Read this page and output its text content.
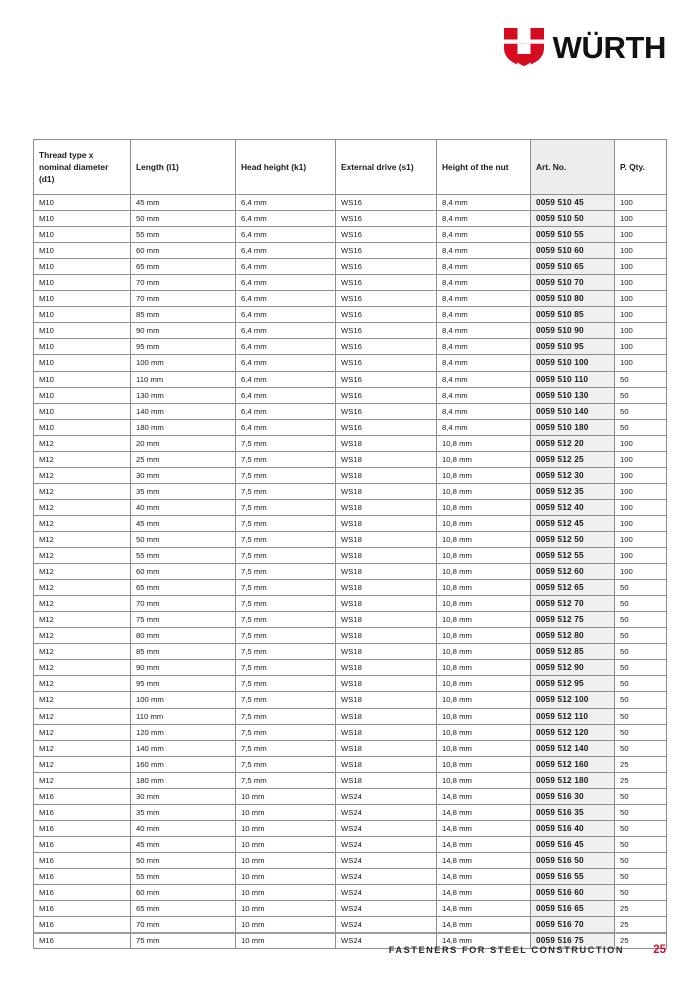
WÜRTH
Thread type x nominal diameter (d1)	Length (l1)	Head height (k1)	External drive (s1)	Height of the nut	Art. No.	P. Qty.
M10	45 mm	6,4 mm	WS16	8,4 mm	0059 510 45	100
M10	50 mm	6,4 mm	WS16	8,4 mm	0059 510 50	100
M10	55 mm	6,4 mm	WS16	8,4 mm	0059 510 55	100
M10	60 mm	6,4 mm	WS16	8,4 mm	0059 510 60	100
M10	65 mm	6,4 mm	WS16	8,4 mm	0059 510 65	100
M10	70 mm	6,4 mm	WS16	8,4 mm	0059 510 70	100
M10	70 mm	6,4 mm	WS16	8,4 mm	0059 510 80	100
M10	85 mm	6,4 mm	WS16	8,4 mm	0059 510 85	100
M10	90 mm	6,4 mm	WS16	8,4 mm	0059 510 90	100
M10	95 mm	6,4 mm	WS16	8,4 mm	0059 510 95	100
M10	100 mm	6,4 mm	WS16	8,4 mm	0059 510 100	100
M10	110 mm	6,4 mm	WS16	8,4 mm	0059 510 110	50
M10	130 mm	6,4 mm	WS16	8,4 mm	0059 510 130	50
M10	140 mm	6,4 mm	WS16	8,4 mm	0059 510 140	50
M10	180 mm	6,4 mm	WS16	8,4 mm	0059 510 180	50
M12	20 mm	7,5 mm	WS18	10,8 mm	0059 512 20	100
M12	25 mm	7,5 mm	WS18	10,8 mm	0059 512 25	100
M12	30 mm	7,5 mm	WS18	10,8 mm	0059 512 30	100
M12	35 mm	7,5 mm	WS18	10,8 mm	0059 512 35	100
M12	40 mm	7,5 mm	WS18	10,8 mm	0059 512 40	100
M12	45 mm	7,5 mm	WS18	10,8 mm	0059 512 45	100
M12	50 mm	7,5 mm	WS18	10,8 mm	0059 512 50	100
M12	55 mm	7,5 mm	WS18	10,8 mm	0059 512 55	100
M12	60 mm	7,5 mm	WS18	10,8 mm	0059 512 60	100
M12	65 mm	7,5 mm	WS18	10,8 mm	0059 512 65	50
M12	70 mm	7,5 mm	WS18	10,8 mm	0059 512 70	50
M12	75 mm	7,5 mm	WS18	10,8 mm	0059 512 75	50
M12	80 mm	7,5 mm	WS18	10,8 mm	0059 512 80	50
M12	85 mm	7,5 mm	WS18	10,8 mm	0059 512 85	50
M12	90 mm	7,5 mm	WS18	10,8 mm	0059 512 90	50
M12	95 mm	7,5 mm	WS18	10,8 mm	0059 512 95	50
M12	100 mm	7,5 mm	WS18	10,8 mm	0059 512 100	50
M12	110 mm	7,5 mm	WS18	10,8 mm	0059 512 110	50
M12	120 mm	7,5 mm	WS18	10,8 mm	0059 512 120	50
M12	140 mm	7,5 mm	WS18	10,8 mm	0059 512 140	50
M12	160 mm	7,5 mm	WS18	10,8 mm	0059 512 160	25
M12	180 mm	7,5 mm	WS18	10,8 mm	0059 512 180	25
M16	30 mm	10 mm	WS24	14,8 mm	0059 516 30	50
M16	35 mm	10 mm	WS24	14,8 mm	0059 516 35	50
M16	40 mm	10 mm	WS24	14,8 mm	0059 516 40	50
M16	45 mm	10 mm	WS24	14,8 mm	0059 516 45	50
M16	50 mm	10 mm	WS24	14,8 mm	0059 516 50	50
M16	55 mm	10 mm	WS24	14,8 mm	0059 516 55	50
M16	60 mm	10 mm	WS24	14,8 mm	0059 516 60	50
M16	65 mm	10 mm	WS24	14,8 mm	0059 516 65	25
M16	70 mm	10 mm	WS24	14,8 mm	0059 516 70	25
M16	75 mm	10 mm	WS24	14,8 mm	0059 516 75	25
FASTENERS FOR STEEL CONSTRUCTION	25
